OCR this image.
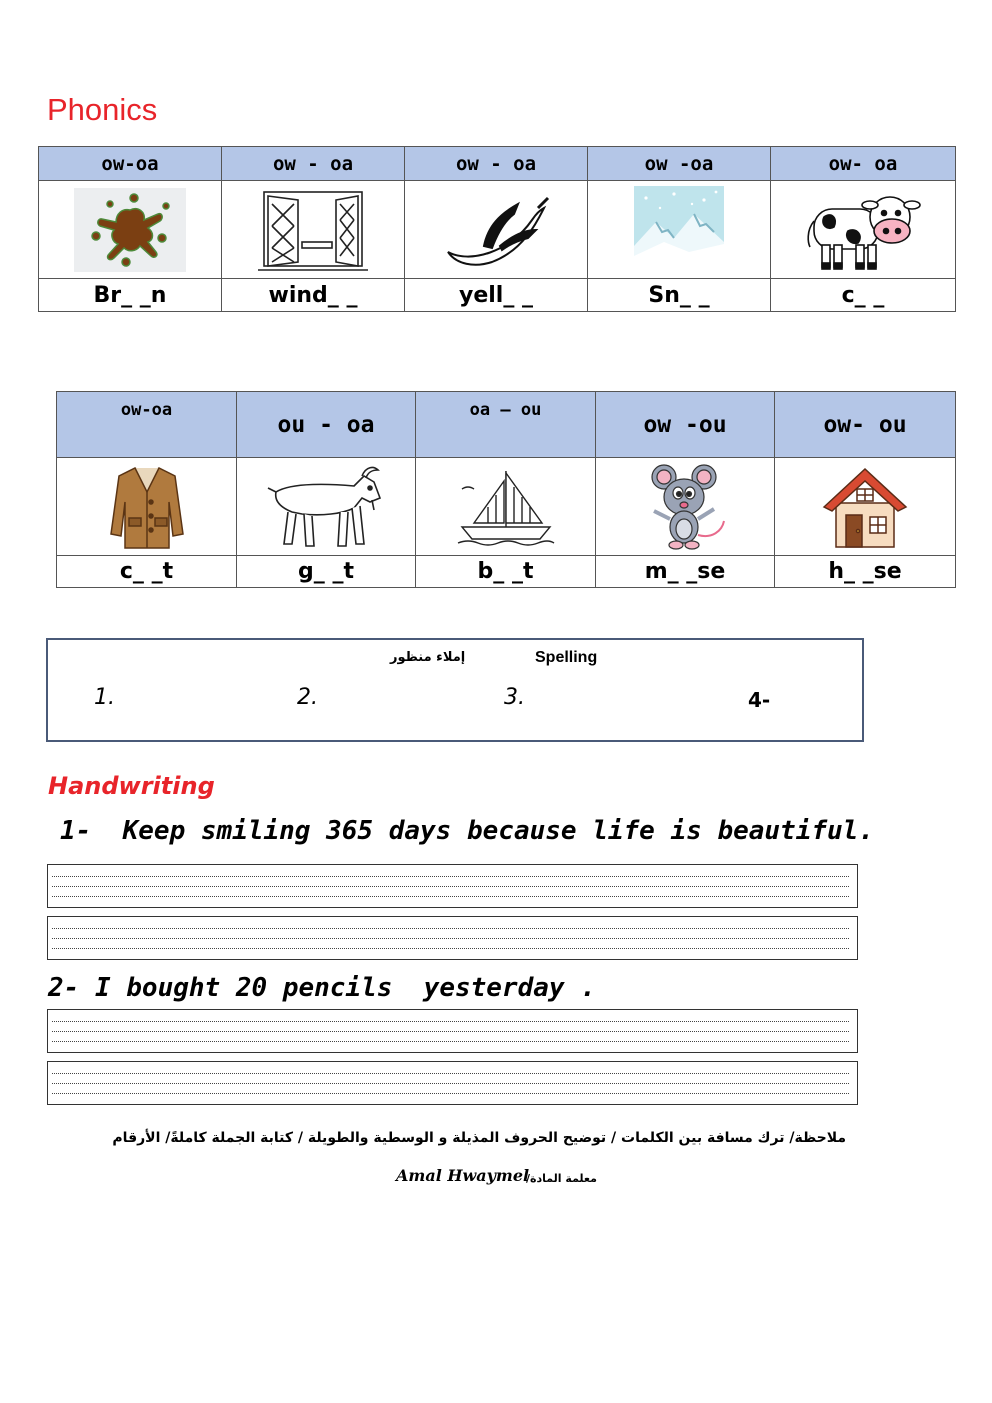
Phonics
ow-oa	ow - oa	ow - oa	ow -oa	ow- oa

Br_ _n	wind_ _	yell_ _	Sn_ _	c_ _
ow-oa	ou - oa	oa – ou	ow -ou	ow- ou

c_ _t	g_ _t	b_ _t	m_ _se	h_ _se
إملاء منظور	Spelling
1.	2.	3.	4-
Handwriting
1-  Keep smiling 365 days because life is beautiful.
2- I bought 20 pencils  yesterday .
ملاحظة/ ترك مسافة بين الكلمات / توضيح الحروف المذيلة و الوسطية والطويلة / كتابة الجملة كاملةً/ الأرقام
معلمة المادة/
Amal Hwaymel
